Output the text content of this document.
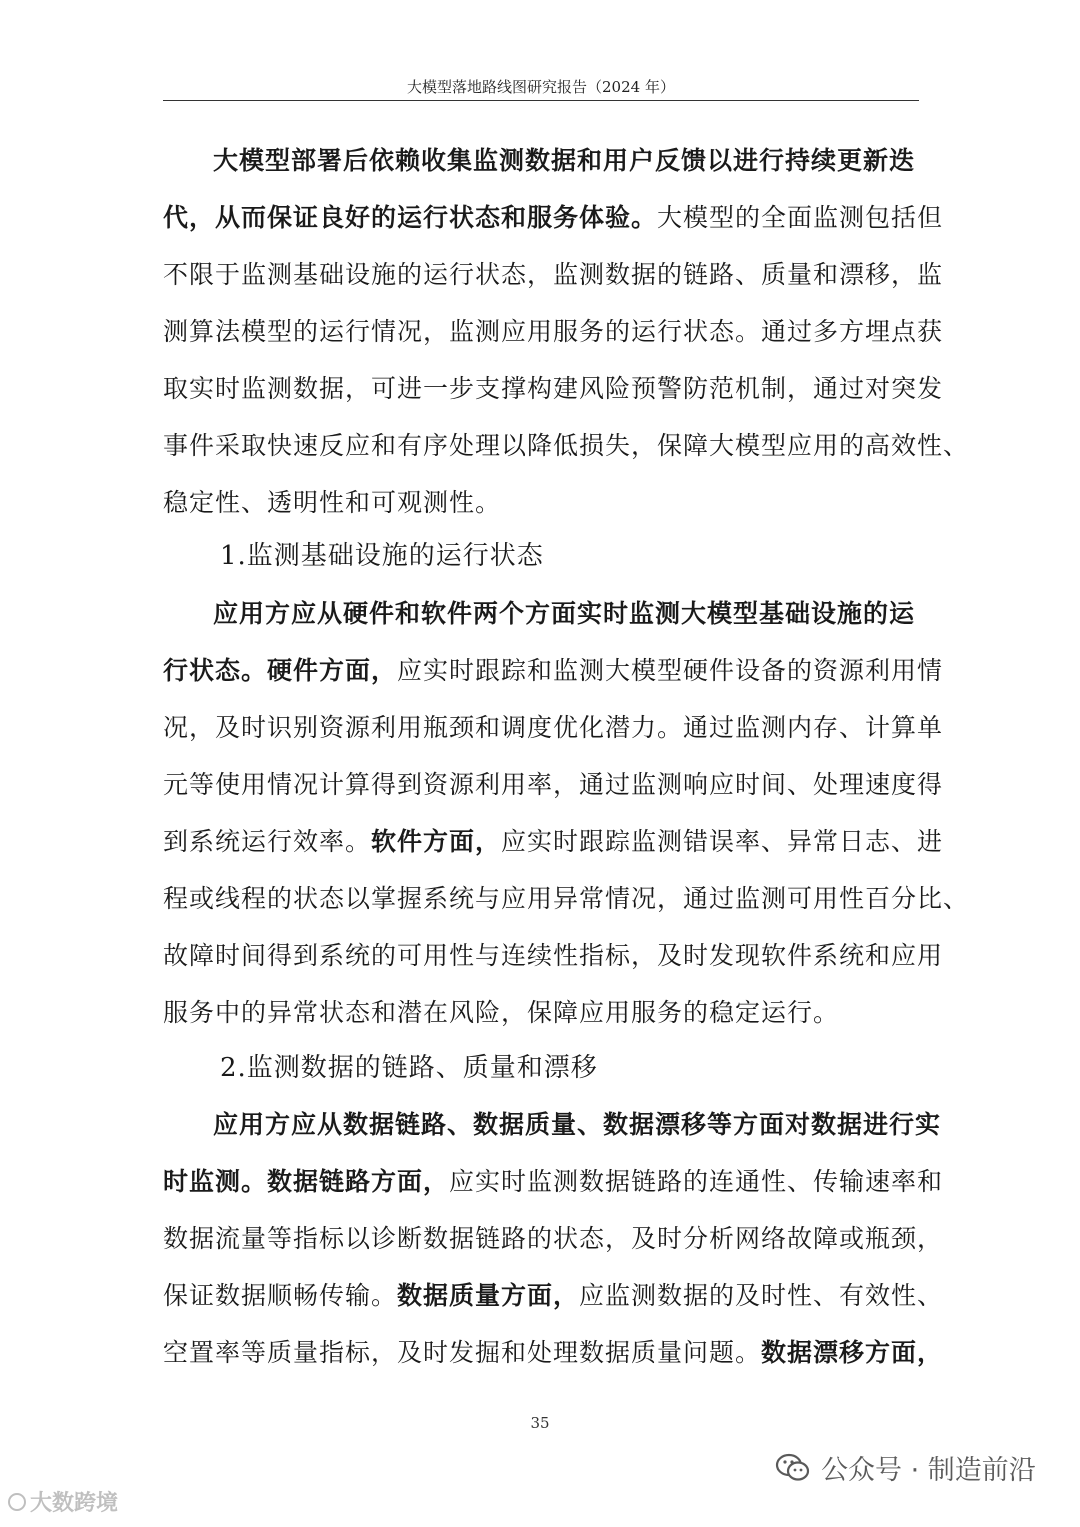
大模型落地路线图研究报告（2024 年）
大模型部署后依赖收集监测数据和用户反馈以进行持续更新迭
代，从而保证良好的运行状态和服务体验。大模型的全面监测包括但
不限于监测基础设施的运行状态，监测数据的链路、质量和漂移，监
测算法模型的运行情况，监测应用服务的运行状态。通过多方埋点获
取实时监测数据，可进一步支撑构建风险预警防范机制，通过对突发
事件采取快速反应和有序处理以降低损失，保障大模型应用的高效性、
稳定性、透明性和可观测性。
1.监测基础设施的运行状态
应用方应从硬件和软件两个方面实时监测大模型基础设施的运
行状态。硬件方面，应实时跟踪和监测大模型硬件设备的资源利用情
况，及时识别资源利用瓶颈和调度优化潜力。通过监测内存、计算单
元等使用情况计算得到资源利用率，通过监测响应时间、处理速度得
到系统运行效率。软件方面，应实时跟踪监测错误率、异常日志、进
程或线程的状态以掌握系统与应用异常情况，通过监测可用性百分比、
故障时间得到系统的可用性与连续性指标，及时发现软件系统和应用
服务中的异常状态和潜在风险，保障应用服务的稳定运行。
2.监测数据的链路、质量和漂移
应用方应从数据链路、数据质量、数据漂移等方面对数据进行实
时监测。数据链路方面，应实时监测数据链路的连通性、传输速率和
数据流量等指标以诊断数据链路的状态，及时分析网络故障或瓶颈，
保证数据顺畅传输。数据质量方面，应监测数据的及时性、有效性、
空置率等质量指标，及时发掘和处理数据质量问题。数据漂移方面，
35
大数跨境
公众号 · 制造前沿
